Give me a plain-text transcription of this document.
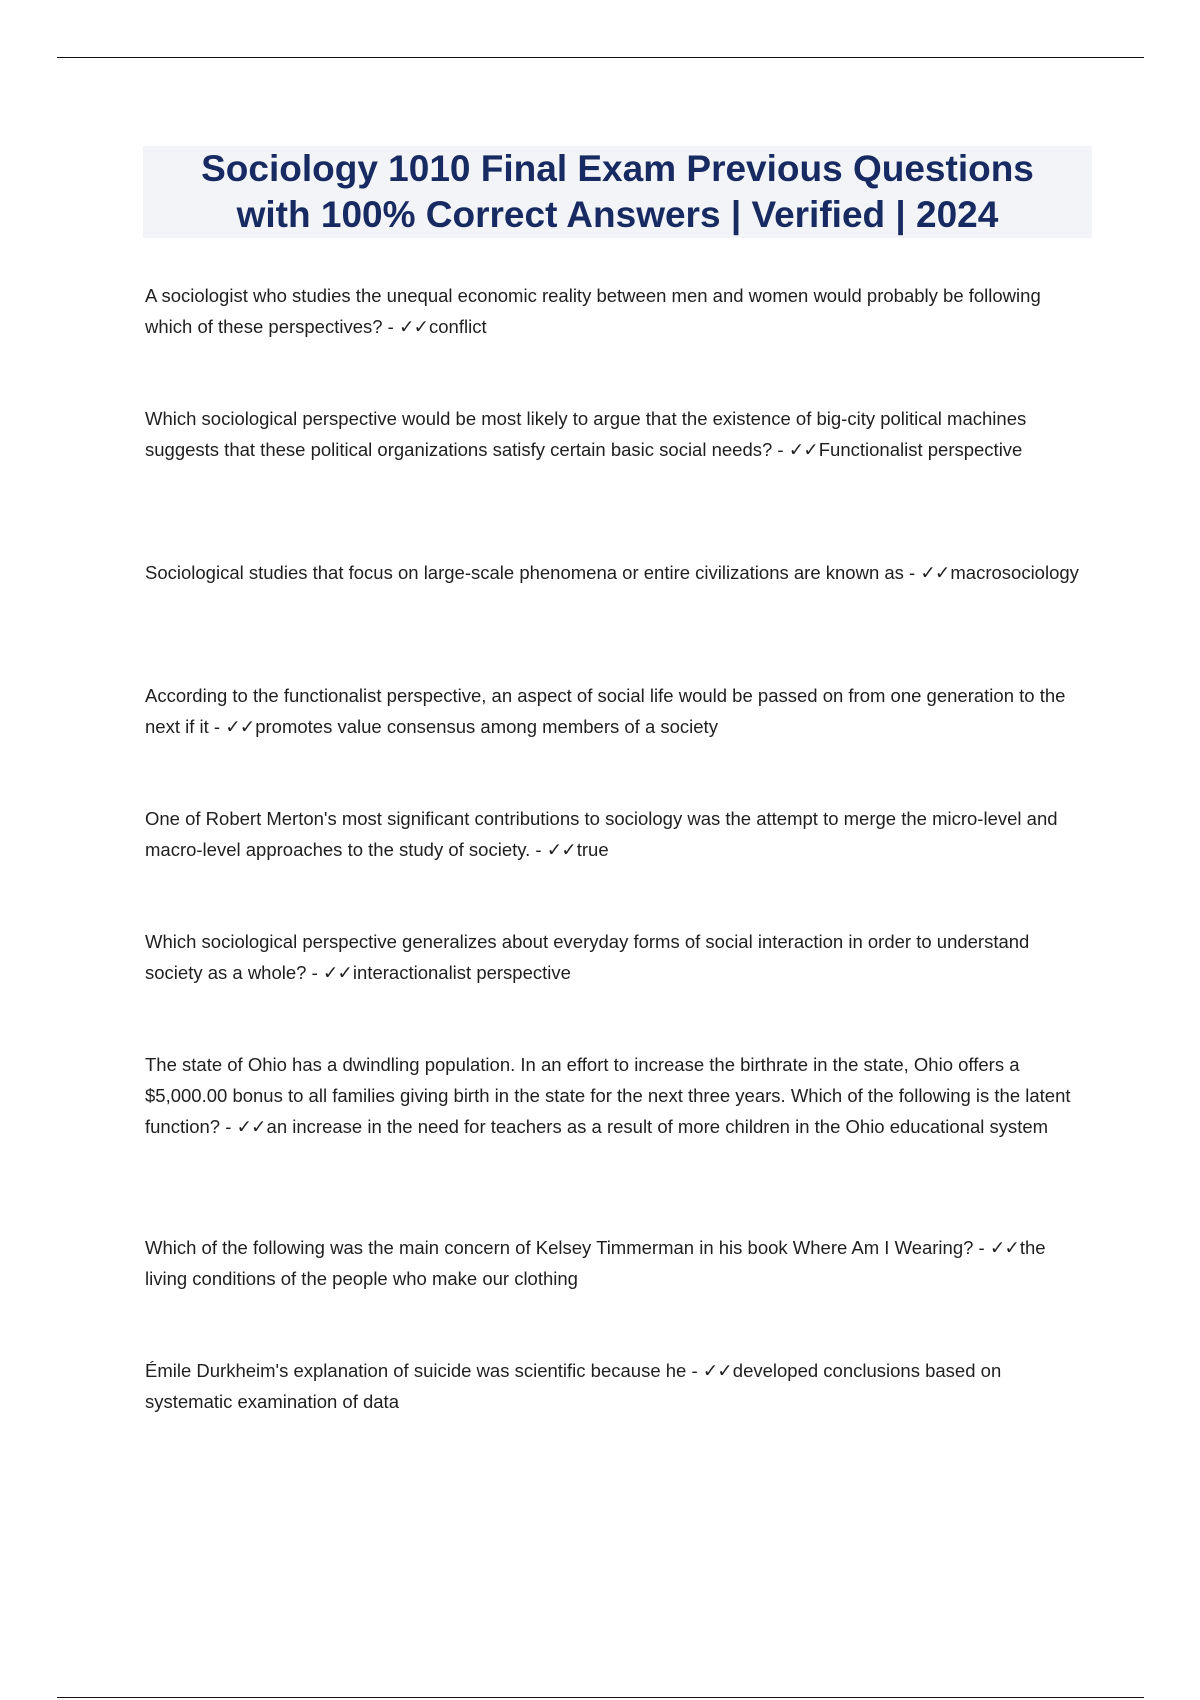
Sociology 1010 Final Exam Previous Questions
with 100% Correct Answers | Verified | 2024

A sociologist who studies the unequal economic reality between men and women would probably be following which of these perspectives? - ✓✓conflict

Which sociological perspective would be most likely to argue that the existence of big-city political machines suggests that these political organizations satisfy certain basic social needs? - ✓✓Functionalist perspective

Sociological studies that focus on large-scale phenomena or entire civilizations are known as - ✓✓macrosociology

According to the functionalist perspective, an aspect of social life would be passed on from one generation to the next if it - ✓✓promotes value consensus among members of a society

One of Robert Merton's most significant contributions to sociology was the attempt to merge the micro-level and macro-level approaches to the study of society. - ✓✓true

Which sociological perspective generalizes about everyday forms of social interaction in order to understand society as a whole? - ✓✓interactionalist perspective

The state of Ohio has a dwindling population. In an effort to increase the birthrate in the state, Ohio offers a $5,000.00 bonus to all families giving birth in the state for the next three years. Which of the following is the latent function? - ✓✓an increase in the need for teachers as a result of more children in the Ohio educational system

Which of the following was the main concern of Kelsey Timmerman in his book Where Am I Wearing? - ✓✓the living conditions of the people who make our clothing

Émile Durkheim's explanation of suicide was scientific because he - ✓✓developed conclusions based on systematic examination of data
